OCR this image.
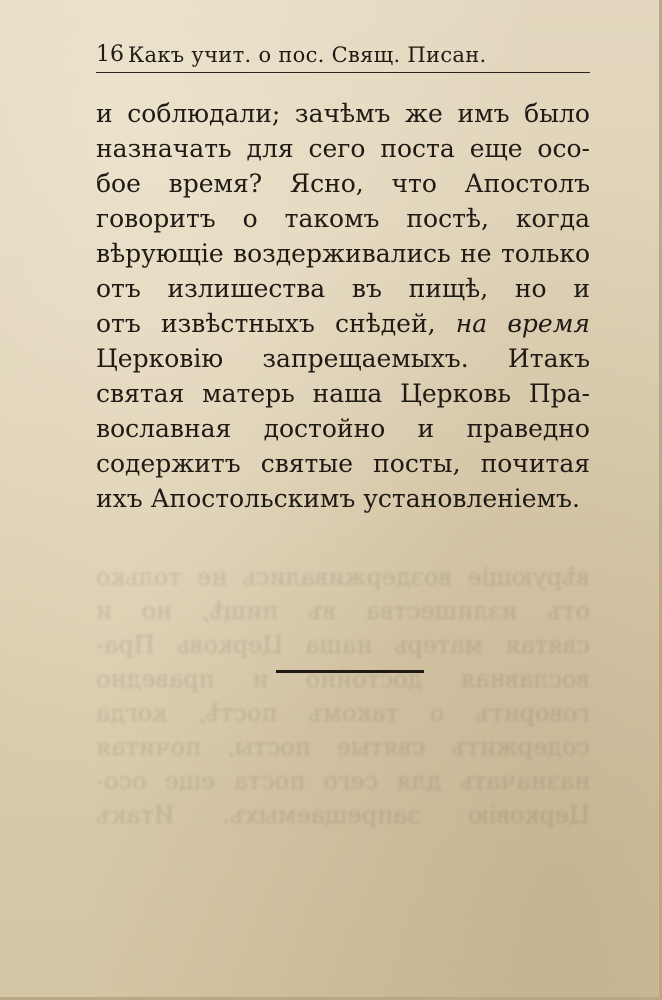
16 Какъ учит. о пос. Свящ. Писан.
и соблюдали; зачѣмъ же имъ было
назначать для сего поста еще осо-
бое время? Ясно, что Апостолъ
говоритъ о такомъ постѣ, когда
вѣрующіе воздерживались не только
отъ излишества въ пищѣ, но и
отъ извѣстныхъ снѣдей, на время
Церковію запрещаемыхъ. Итакъ
святая матерь наша Церковь Пра-
вославная достойно и праведно
содержитъ святые посты, почитая
ихъ Апостольскимъ установленіемъ.
вѣрующіе воздерживались не только
отъ излишества въ пищѣ, но и
святая матерь наша Церковь Пра-
вославная достойно и праведно
говоритъ о такомъ постѣ, когда
содержитъ святые посты, почитая
назначать для сего поста еще осо-
Церковію запрещаемыхъ. Итакъ
